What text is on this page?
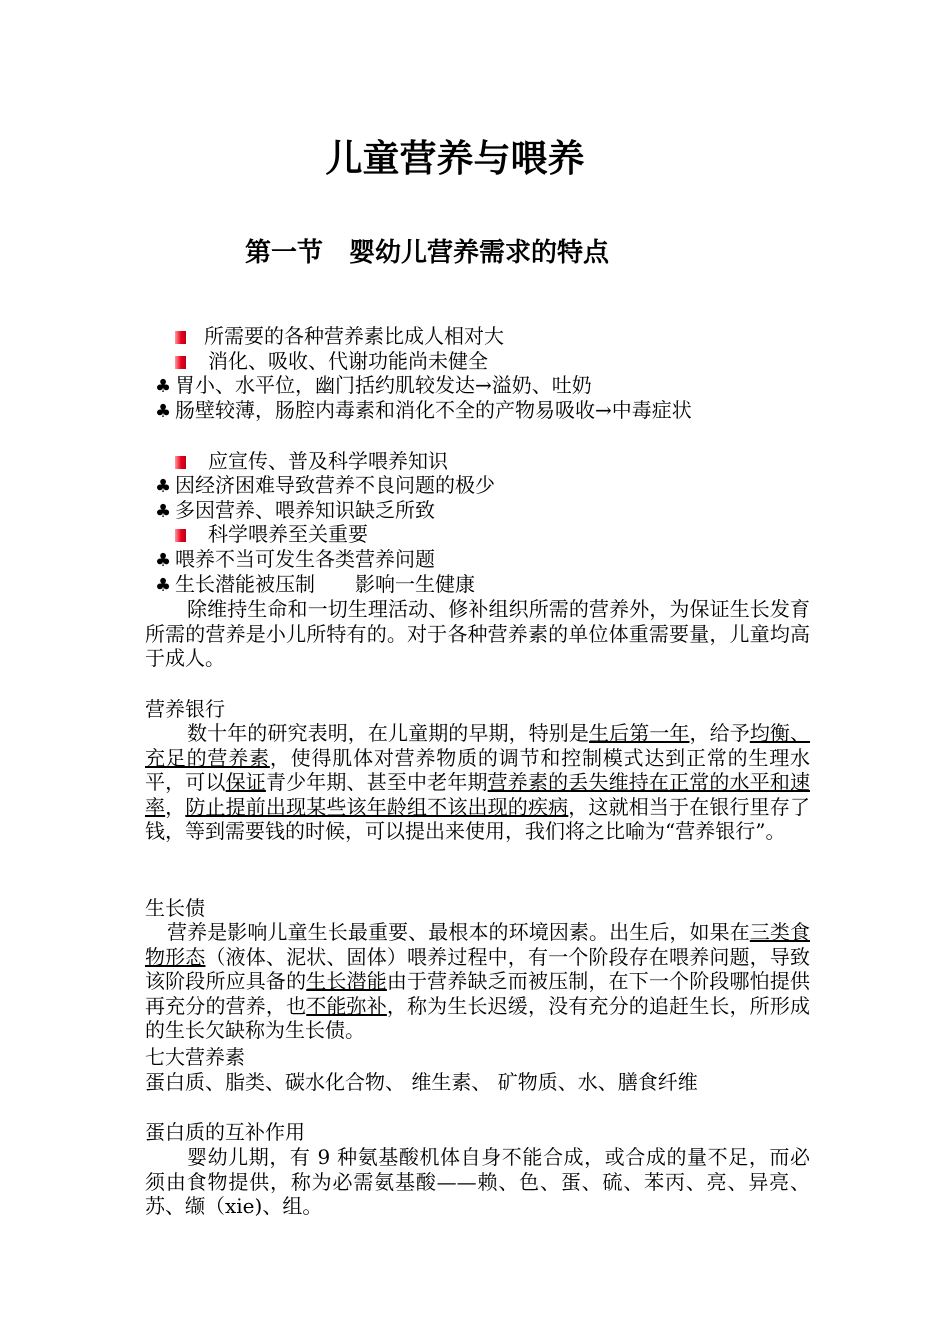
儿童营养与喂养
第一节　婴幼儿营养需求的特点
所需要的各种营养素比成人相对大
消化、吸收、代谢功能尚未健全
♣ 胃小、水平位，幽门括约肌较发达→溢奶、吐奶
♣ 肠壁较薄，肠腔内毒素和消化不全的产物易吸收→中毒症状
应宣传、普及科学喂养知识
♣ 因经济困难导致营养不良问题的极少
♣ 多因营养、喂养知识缺乏所致
科学喂养至关重要
♣ 喂养不当可发生各类营养问题
♣ 生长潜能被压制 影响一生健康
除维持生命和一切生理活动、修补组织所需的营养外，为保证生长发育所需的营养是小儿所特有的。对于各种营养素的单位体重需要量，儿童均高于成人。
营养银行
数十年的研究表明，在儿童期的早期，特别是生后第一年，给予均衡、充足的营养素，使得肌体对营养物质的调节和控制模式达到正常的生理水平，可以保证青少年期、甚至中老年期营养素的丢失维持在正常的水平和速率，防止提前出现某些该年龄组不该出现的疾病，这就相当于在银行里存了钱，等到需要钱的时候，可以提出来使用，我们将之比喻为“营养银行”。
生长债
营养是影响儿童生长最重要、最根本的环境因素。出生后，如果在三类食物形态（液体、泥状、固体）喂养过程中，有一个阶段存在喂养问题，导致该阶段所应具备的生长潜能由于营养缺乏而被压制，在下一个阶段哪怕提供再充分的营养，也不能弥补，称为生长迟缓，没有充分的追赶生长，所形成的生长欠缺称为生长债。
七大营养素
蛋白质、脂类、碳水化合物、 维生素、 矿物质、水、膳食纤维
蛋白质的互补作用
婴幼儿期，有 9 种氨基酸机体自身不能合成，或合成的量不足，而必须由食物提供，称为必需氨基酸——赖、色、蛋、硫、苯丙、亮、异亮、苏、缬（xie)、组。
